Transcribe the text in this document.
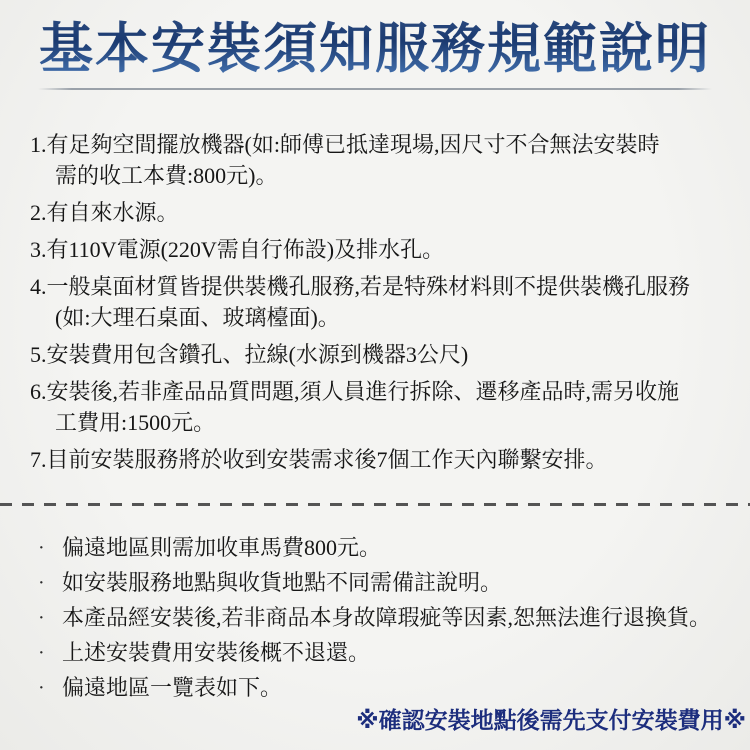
基本安裝須知服務規範說明
1.有足夠空間擺放機器(如:師傅已抵達現場,因尺寸不合無法安裝時
需的收工本費:800元)。
2.有自來水源。
3.有110V電源(220V需自行佈設)及排水孔。
4.一般桌面材質皆提供裝機孔服務,若是特殊材料則不提供裝機孔服務
(如:大理石桌面、玻璃檯面)。
5.安裝費用包含鑽孔、拉線(水源到機器3公尺)
6.安裝後,若非產品品質問題,須人員進行拆除、遷移產品時,需另收施
工費用:1500元。
7.目前安裝服務將於收到安裝需求後7個工作天內聯繫安排。
· 偏遠地區則需加收車馬費800元。
· 如安裝服務地點與收貨地點不同需備註說明。
· 本產品經安裝後,若非商品本身故障瑕疵等因素,恕無法進行退換貨。
· 上述安裝費用安裝後概不退還。
· 偏遠地區一覽表如下。
※確認安裝地點後需先支付安裝費用※
